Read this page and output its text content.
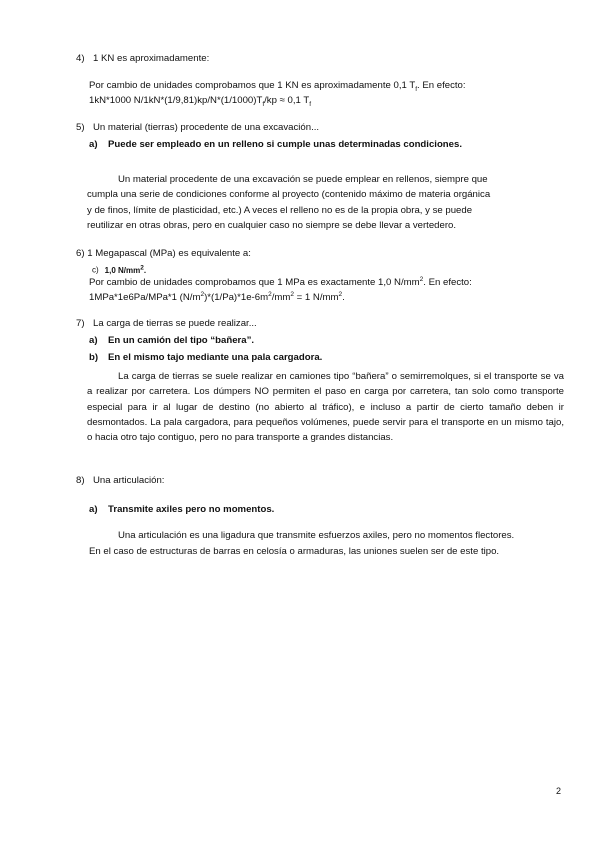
4) 1 KN es aproximadamente:
Por cambio de unidades comprobamos que 1 KN es aproximadamente 0,1 $T_f$. En efecto:
1kN*1000 $N/1kN*(1/9,81)kp/N*(1/1000)T_f/kp \approx 0,1$ $T_f$
5) Un material (tierras) procedente de una excavación...
a) Puede ser empleado en un relleno si cumple unas determinadas condiciones.
Un material procedente de una excavación se puede emplear en rellenos, siempre que
cumpla una serie de condiciones conforme al proyecto (contenido máximo de materia orgánica
y de finos, límite de plasticidad, etc.) A veces el relleno no es de la propia obra, y se puede
reutilizar en otras obras, pero en cualquier caso no siempre se debe llevar a vertedero.
6) 1 Megapascal (MPa) es equivalente a:
c) 1,0 $N/mm^2$.
Por cambio de unidades comprobamos que 1 MPa es exactamente 1,0 $N/mm^2$. En efecto:
1MPa*1e6Pa/MPa*1 $(N/m^2)*(1/Pa)*1e-6m^2/mm^2 = 1$ $N/mm^2$.
7) La carga de tierras se puede realizar...
a) En un camión del tipo “bañera”.
b) En el mismo tajo mediante una pala cargadora.
La carga de tierras se suele realizar en camiones tipo “bañera” o semirremolques, si el transporte se va a realizar por carretera. Los dúmpers NO permiten el paso en carga por carretera, tan solo como transporte especial para ir al lugar de destino (no abierto al tráfico), e incluso a partir de cierto tamaño deben ir desmontados. La pala cargadora, para pequeños volúmenes, puede servir para el transporte en un mismo tajo, o hacia otro tajo contiguo, pero no para transporte a grandes distancias.
8) Una articulación:
a) Transmite axiles pero no momentos.
Una articulación es una ligadura que transmite esfuerzos axiles, pero no momentos flectores.
En el caso de estructuras de barras en celosía o armaduras, las uniones suelen ser de este tipo.
2
